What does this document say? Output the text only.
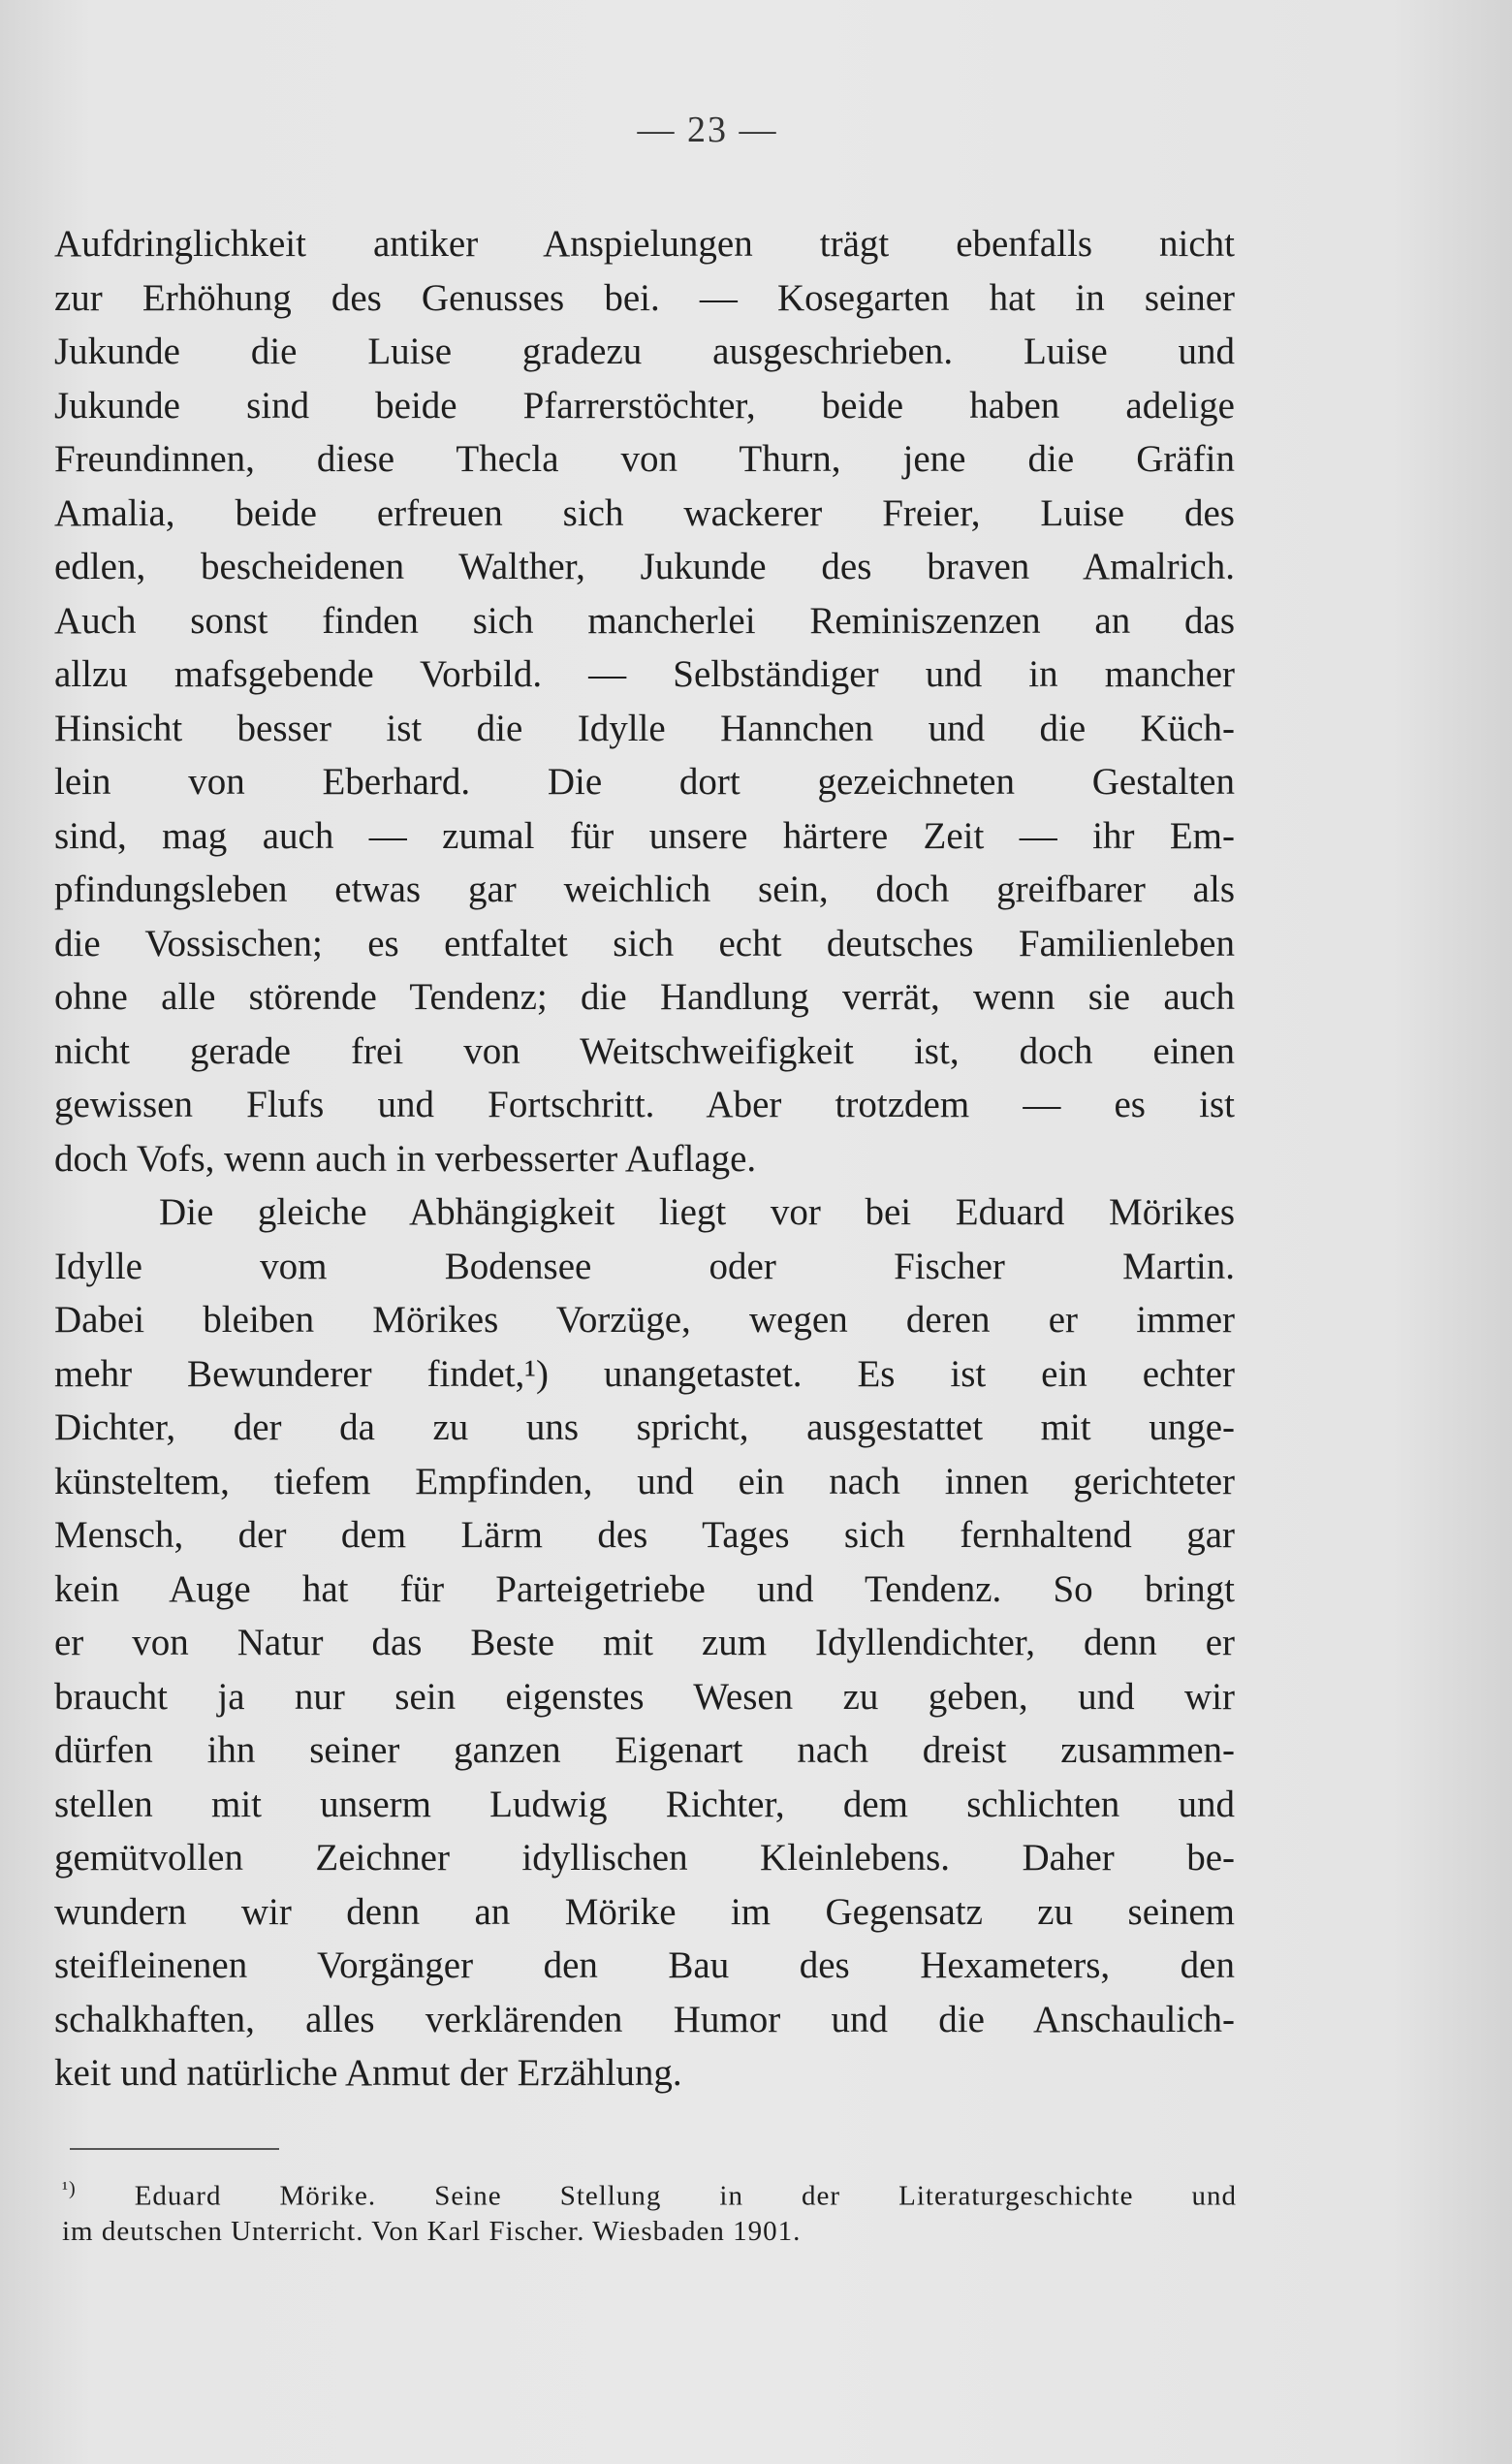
— 23 —
Aufdringlichkeit antiker Anspielungen trägt ebenfalls nicht
zur Erhöhung des Genusses bei. — Kosegarten hat in seiner
Jukunde die Luise gradezu ausgeschrieben. Luise und
Jukunde sind beide Pfarrerstöchter, beide haben adelige
Freundinnen, diese Thecla von Thurn, jene die Gräfin
Amalia, beide erfreuen sich wackerer Freier, Luise des
edlen, bescheidenen Walther, Jukunde des braven Amalrich.
Auch sonst finden sich mancherlei Reminiszenzen an das
allzu mafsgebende Vorbild. — Selbständiger und in mancher
Hinsicht besser ist die Idylle Hannchen und die Küch-
lein von Eberhard. Die dort gezeichneten Gestalten
sind, mag auch — zumal für unsere härtere Zeit — ihr Em-
pfindungsleben etwas gar weichlich sein, doch greifbarer als
die Vossischen; es entfaltet sich echt deutsches Familienleben
ohne alle störende Tendenz; die Handlung verrät, wenn sie auch
nicht gerade frei von Weitschweifigkeit ist, doch einen
gewissen Flufs und Fortschritt. Aber trotzdem — es ist
doch Vofs, wenn auch in verbesserter Auflage.
Die gleiche Abhängigkeit liegt vor bei Eduard Mörikes
Idylle vom Bodensee oder Fischer Martin.
Dabei bleiben Mörikes Vorzüge, wegen deren er immer
mehr Bewunderer findet,¹) unangetastet. Es ist ein echter
Dichter, der da zu uns spricht, ausgestattet mit unge-
künsteltem, tiefem Empfinden, und ein nach innen gerichteter
Mensch, der dem Lärm des Tages sich fernhaltend gar
kein Auge hat für Parteigetriebe und Tendenz. So bringt
er von Natur das Beste mit zum Idyllendichter, denn er
braucht ja nur sein eigenstes Wesen zu geben, und wir
dürfen ihn seiner ganzen Eigenart nach dreist zusammen-
stellen mit unserm Ludwig Richter, dem schlichten und
gemütvollen Zeichner idyllischen Kleinlebens. Daher be-
wundern wir denn an Mörike im Gegensatz zu seinem
steifleinenen Vorgänger den Bau des Hexameters, den
schalkhaften, alles verklärenden Humor und die Anschaulich-
keit und natürliche Anmut der Erzählung.
$^{^1)}$ Eduard Mörike. Seine Stellung in der Literaturgeschichte und
im deutschen Unterricht. Von Karl Fischer. Wiesbaden 1901.
